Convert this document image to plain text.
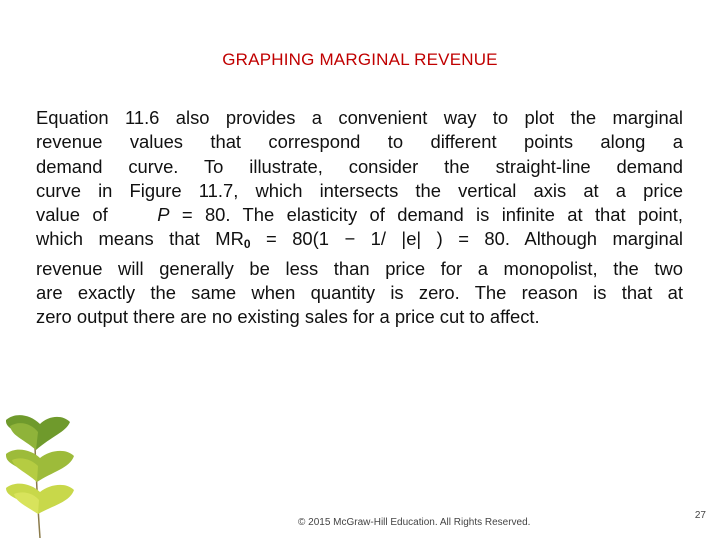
GRAPHING MARGINAL REVENUE
Equation 11.6 also provides a convenient way to plot the marginal
revenue values that correspond to different points along a
demand curve. To illustrate, consider the straight-line demand
curve in Figure 11.7, which intersects the vertical axis at a price
value of	P = 80. The elasticity of demand is infinite at that point,
which means that $MR_0 = 80(1 - 1/$ |e| ) = 80. Although marginal
revenue will generally be less than price for a monopolist, the two
are exactly the same when quantity is zero. The reason is that at
zero output there are no existing sales for a price cut to affect.
© 2015 McGraw-Hill Education. All Rights Reserved.
27
